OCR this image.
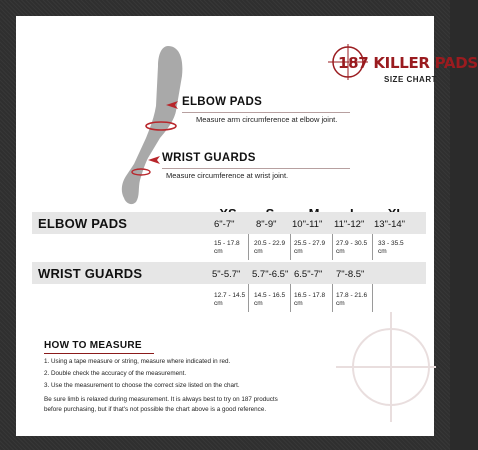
187 KILLER PADS
SIZE CHART
ELBOW PADS
Measure arm circumference at elbow joint.
WRIST GUARDS
Measure circumference at wrist joint.
ELBOW PADS	6"-7" 8"-9" 10"-11" 11"-12" 13"-14"
15 - 17.8
cm
20.5 - 22.9
cm
25.5 - 27.9
cm
27.9 - 30.5
cm
33 - 35.5
cm
WRIST GUARDS	5"-5.7" 5.7"-6.5" 6.5"-7" 7"-8.5"
12.7 - 14.5
cm
14.5 - 16.5
cm
16.5 - 17.8
cm
17.8 - 21.6
cm
HOW TO MEASURE
1. Using a tape measure or string, measure where indicated in red.
2. Double check the accuracy of the measurement.
3. Use the measurement to choose the correct size listed on the chart.
Be sure limb is relaxed during measurement. It is always best to try on 187 products
before purchasing, but if that's not possible the chart above is a good reference.
